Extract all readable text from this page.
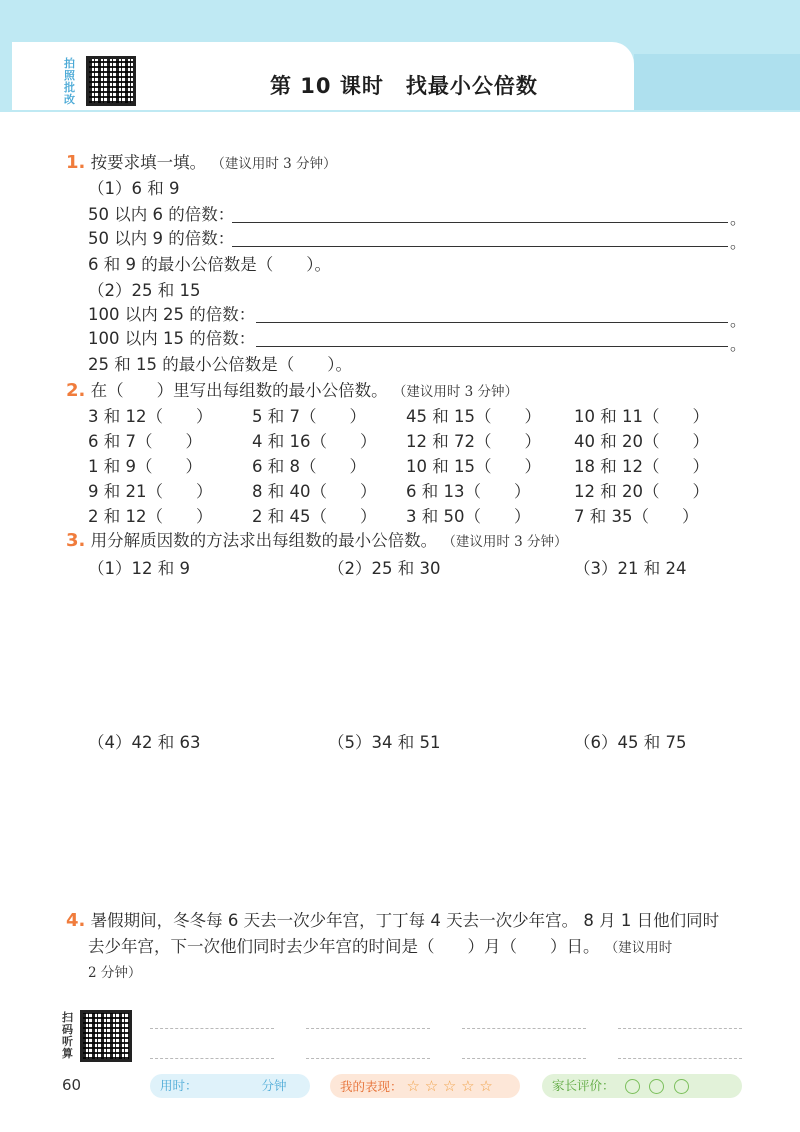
拍照批改
第 10 课时　找最小公倍数
1. 按要求填一填。 （建议用时 3 分钟）
（1）6 和 9
50 以内 6 的倍数：	。
50 以内 9 的倍数：	。
6 和 9 的最小公倍数是（　　）。
（2）25 和 15
100 以内 25 的倍数：	。
100 以内 15 的倍数：	。
25 和 15 的最小公倍数是（　　）。
2. 在（　　）里写出每组数的最小公倍数。 （建议用时 3 分钟）
3 和 12（　　） 5 和 7（　　） 45 和 15（　　） 10 和 11（　　）
6 和 7（　　）	4 和 16（　　） 12 和 72（　　） 40 和 20（　　）
1 和 9（　　）	6 和 8（　　） 10 和 15（　　） 18 和 12（　　）
9 和 21（　　） 8 和 40（　　） 6 和 13（　　）	12 和 20（　　）
2 和 12（　　） 2 和 45（　　） 3 和 50（　　）	7 和 35（　　）
3. 用分解质因数的方法求出每组数的最小公倍数。 （建议用时 3 分钟）
（1）12 和 9	（2）25 和 30	（3）21 和 24
（4）42 和 63	（5）34 和 51	（6）45 和 75
4. 暑假期间，冬冬每 6 天去一次少年宫，丁丁每 4 天去一次少年宫。 8 月 1 日他们同时
去少年宫，下一次他们同时去少年宫的时间是（　　）月（　　）日。 （建议用时
2 分钟）
扫码听算
60	用时：	分钟	我的表现： ☆ ☆ ☆ ☆ ☆	家长评价：
